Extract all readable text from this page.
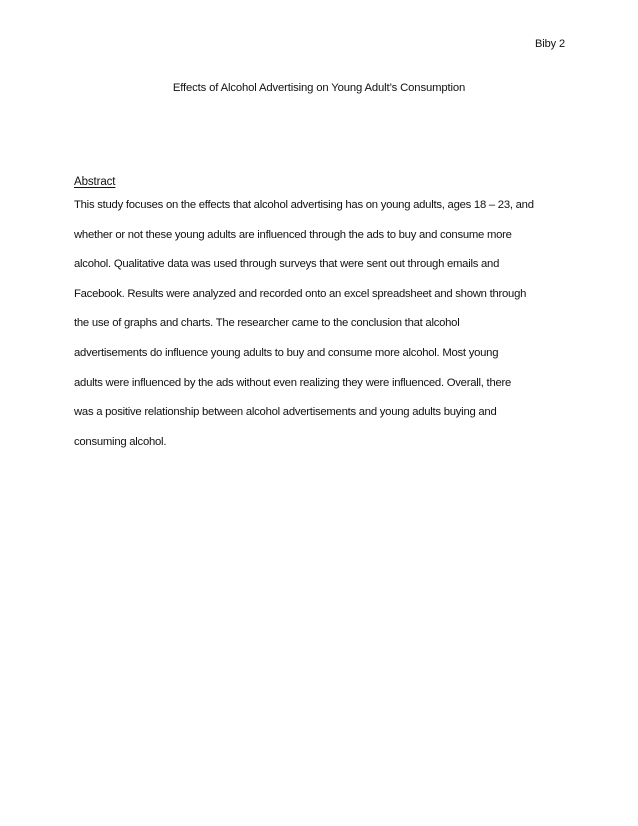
Biby 2
Effects of Alcohol Advertising on Young Adult’s Consumption
Abstract
This study focuses on the effects that alcohol advertising has on young adults, ages 18 – 23, and
whether or not these young adults are influenced through the ads to buy and consume more
alcohol. Qualitative data was used through surveys that were sent out through emails and
Facebook. Results were analyzed and recorded onto an excel spreadsheet and shown through
the use of graphs and charts. The researcher came to the conclusion that alcohol
advertisements do influence young adults to buy and consume more alcohol. Most young
adults were influenced by the ads without even realizing they were influenced. Overall, there
was a positive relationship between alcohol advertisements and young adults buying and
consuming alcohol.
